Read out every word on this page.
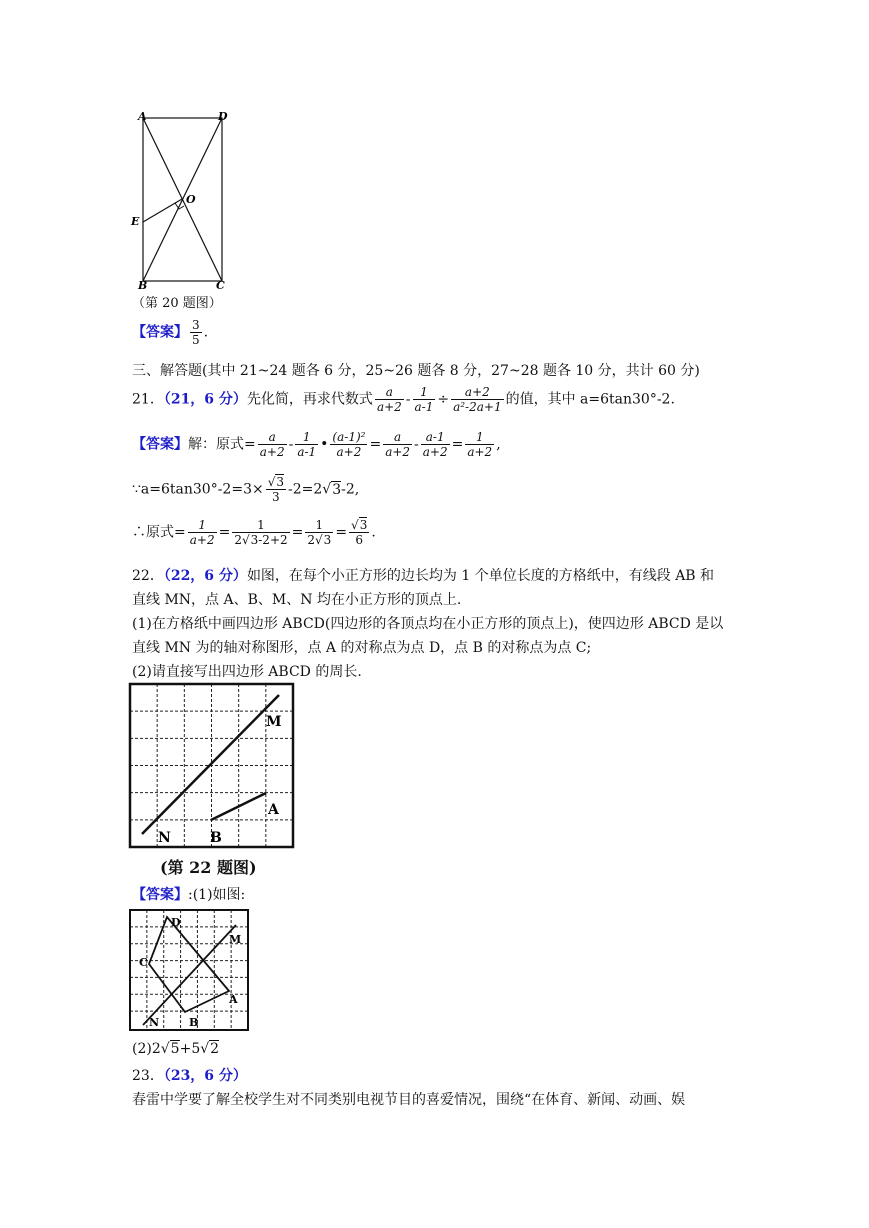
A	D
O
E
B	C
（第 20 题图）
【答案】 $\frac{3}{5}$ .
三、解答题(其中 21~24 题各 6 分，25~26 题各 8 分，27~28 题各 10 分，共计 60 分)
21．（21，6 分）先化简，再求代数式 $\frac{a}{a+2} - \frac{1}{a-1} \div \frac{a+2}{\text{a²-2a+1}}$ 的值，其中 a=6tan30°-2.
【答案】解：原式= $\frac{a}{a+2} - \frac{1}{a-1}$ • $\frac{\text{(a-1)²}}{a+2} = \frac{a}{a+2} - \frac{a-1}{a+2} = \frac{1}{a+2}$ ,
∵a=6tan30°-2=3× $\frac{√3}{3} -2=2√3-2$,
∴原式= $\frac{1}{a+2} = \frac{1}{2√3-2+2} = \frac{1}{2√3} = \frac{√3}{6}$ .
22．（22，6 分）如图，在每个小正方形的边长均为 1 个单位长度的方格纸中，有线段 AB 和
直线 MN，点 A、B、M、N 均在小正方形的顶点上.
(1)在方格纸中画四边形 ABCD(四边形的各顶点均在小正方形的顶点上)，使四边形 ABCD 是以
直线 MN 为的轴对称图形，点 A 的对称点为点 D，点 B 的对称点为点 C;
(2)请直接写出四边形 ABCD 的周长.
M
A
N	B
(第 22 题图)
【答案】:(1)如图:
D
C
M
A
N	B
(2)2√5+5√2
23．（23，6 分）
春雷中学要了解全校学生对不同类别电视节目的喜爱情况，围绕“在体育、新闻、动画、娱
